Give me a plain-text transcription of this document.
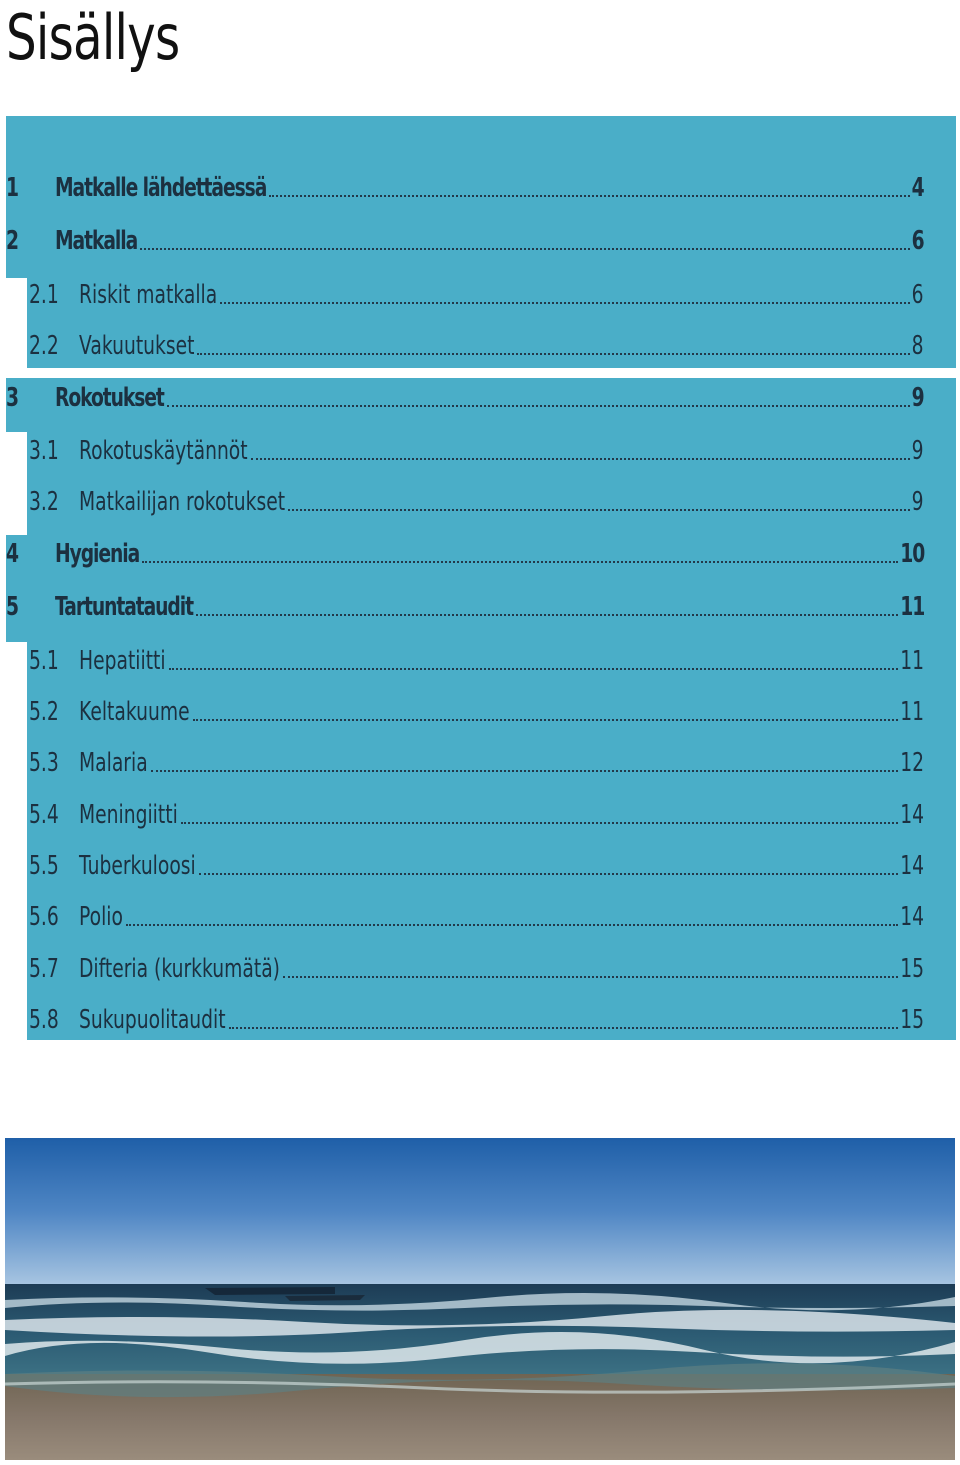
Sisällys
1 Matkalle lähdettäessä	4
2 Matkalla	6
2.1 Riskit matkalla	6
2.2 Vakuutukset	8
3 Rokotukset	9
3.1 Rokotuskäytännöt	9
3.2 Matkailijan rokotukset	9
4 Hygienia	10
5 Tartuntataudit	11
5.1 Hepatiitti	11
5.2 Keltakuume	11
5.3 Malaria	12
5.4 Meningiitti	14
5.5 Tuberkuloosi	14
5.6 Polio	14
5.7 Difteria (kurkkumätä)	15
5.8 Sukupuolitaudit	15
